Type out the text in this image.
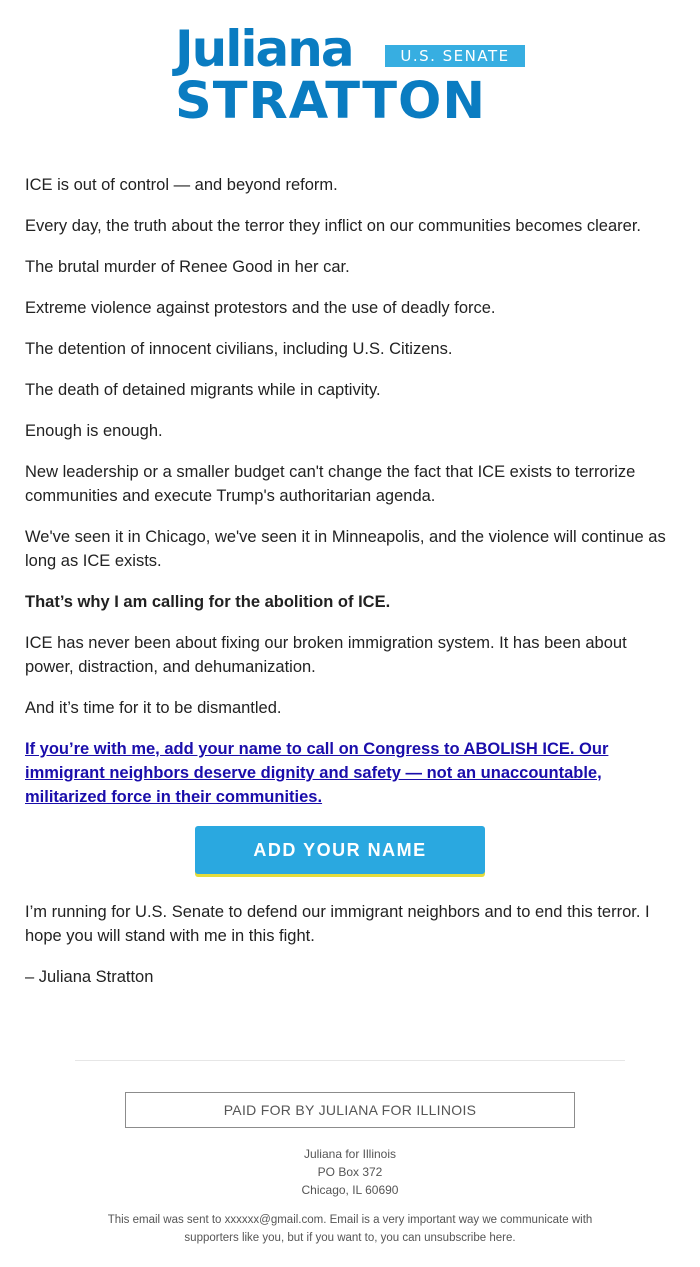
Juliana	U.S. SENATE
STRATTON

ICE is out of control — and beyond reform.

Every day, the truth about the terror they inflict on our communities becomes clearer.

The brutal murder of Renee Good in her car.

Extreme violence against protestors and the use of deadly force.

The detention of innocent civilians, including U.S. Citizens.

The death of detained migrants while in captivity.

Enough is enough.

New leadership or a smaller budget can't change the fact that ICE exists to terrorize communities and execute Trump's authoritarian agenda.

We've seen it in Chicago, we've seen it in Minneapolis, and the violence will continue as long as ICE exists.

That’s why I am calling for the abolition of ICE.

ICE has never been about fixing our broken immigration system. It has been about power, distraction, and dehumanization.

And it’s time for it to be dismantled.

If you’re with me, add your name to call on Congress to ABOLISH ICE. Our immigrant neighbors deserve dignity and safety — not an unaccountable, militarized force in their communities.

ADD YOUR NAME

I’m running for U.S. Senate to defend our immigrant neighbors and to end this terror. I hope you will stand with me in this fight.

– Juliana Stratton

PAID FOR BY JULIANA FOR ILLINOIS
Juliana for Illinois
PO Box 372
Chicago, IL 60690
This email was sent to xxxxxx@gmail.com. Email is a very important way we communicate with supporters like you, but if you want to, you can unsubscribe here.
